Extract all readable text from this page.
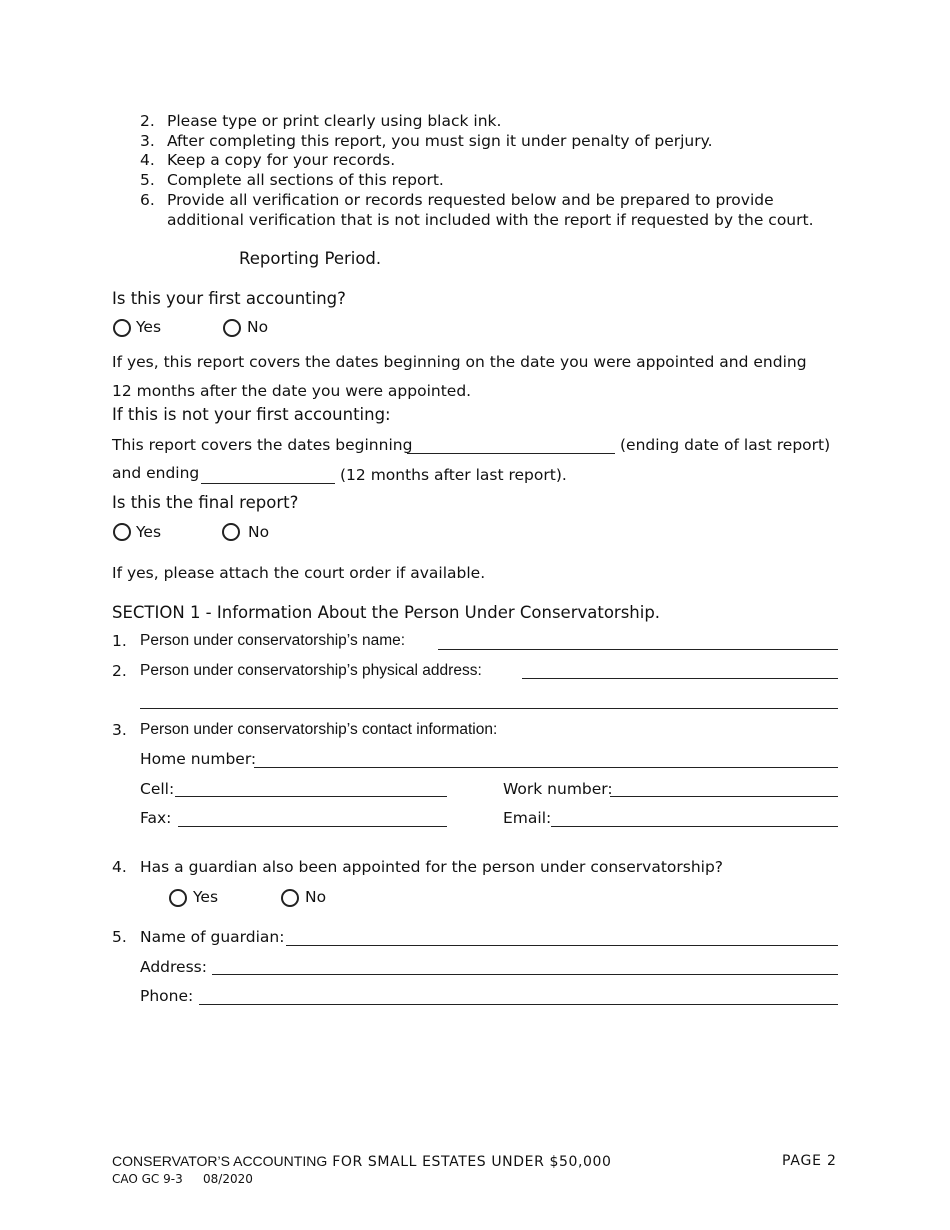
2. Please type or print clearly using black ink.
3. After completing this report, you must sign it under penalty of perjury.
4. Keep a copy for your records.
5. Complete all sections of this report.
6. Provide all verification or records requested below and be prepared to provide additional verification that is not included with the report if requested by the court.
Reporting Period.
Is this your first accounting?
Yes	No
If yes, this report covers the dates beginning on the date you were appointed and ending 12 months after the date you were appointed.
If this is not your first accounting:
This report covers the dates beginning	(ending date of last report)
and ending	(12 months after last report).
Is this the final report?
Yes	No
If yes, please attach the court order if available.
SECTION 1 - Information About the Person Under Conservatorship.
1. Person under conservatorship’s name:
2. Person under conservatorship’s physical address:
3. Person under conservatorship’s contact information:
Home number:
Cell:	Work number:
Fax:	Email:
4. Has a guardian also been appointed for the person under conservatorship?
Yes	No
5. Name of guardian:
Address:
Phone:
CONSERVATOR’S ACCOUNTING FOR SMALL ESTATES UNDER $50,000	PAGE 2
CAO GC 9-3 08/2020
